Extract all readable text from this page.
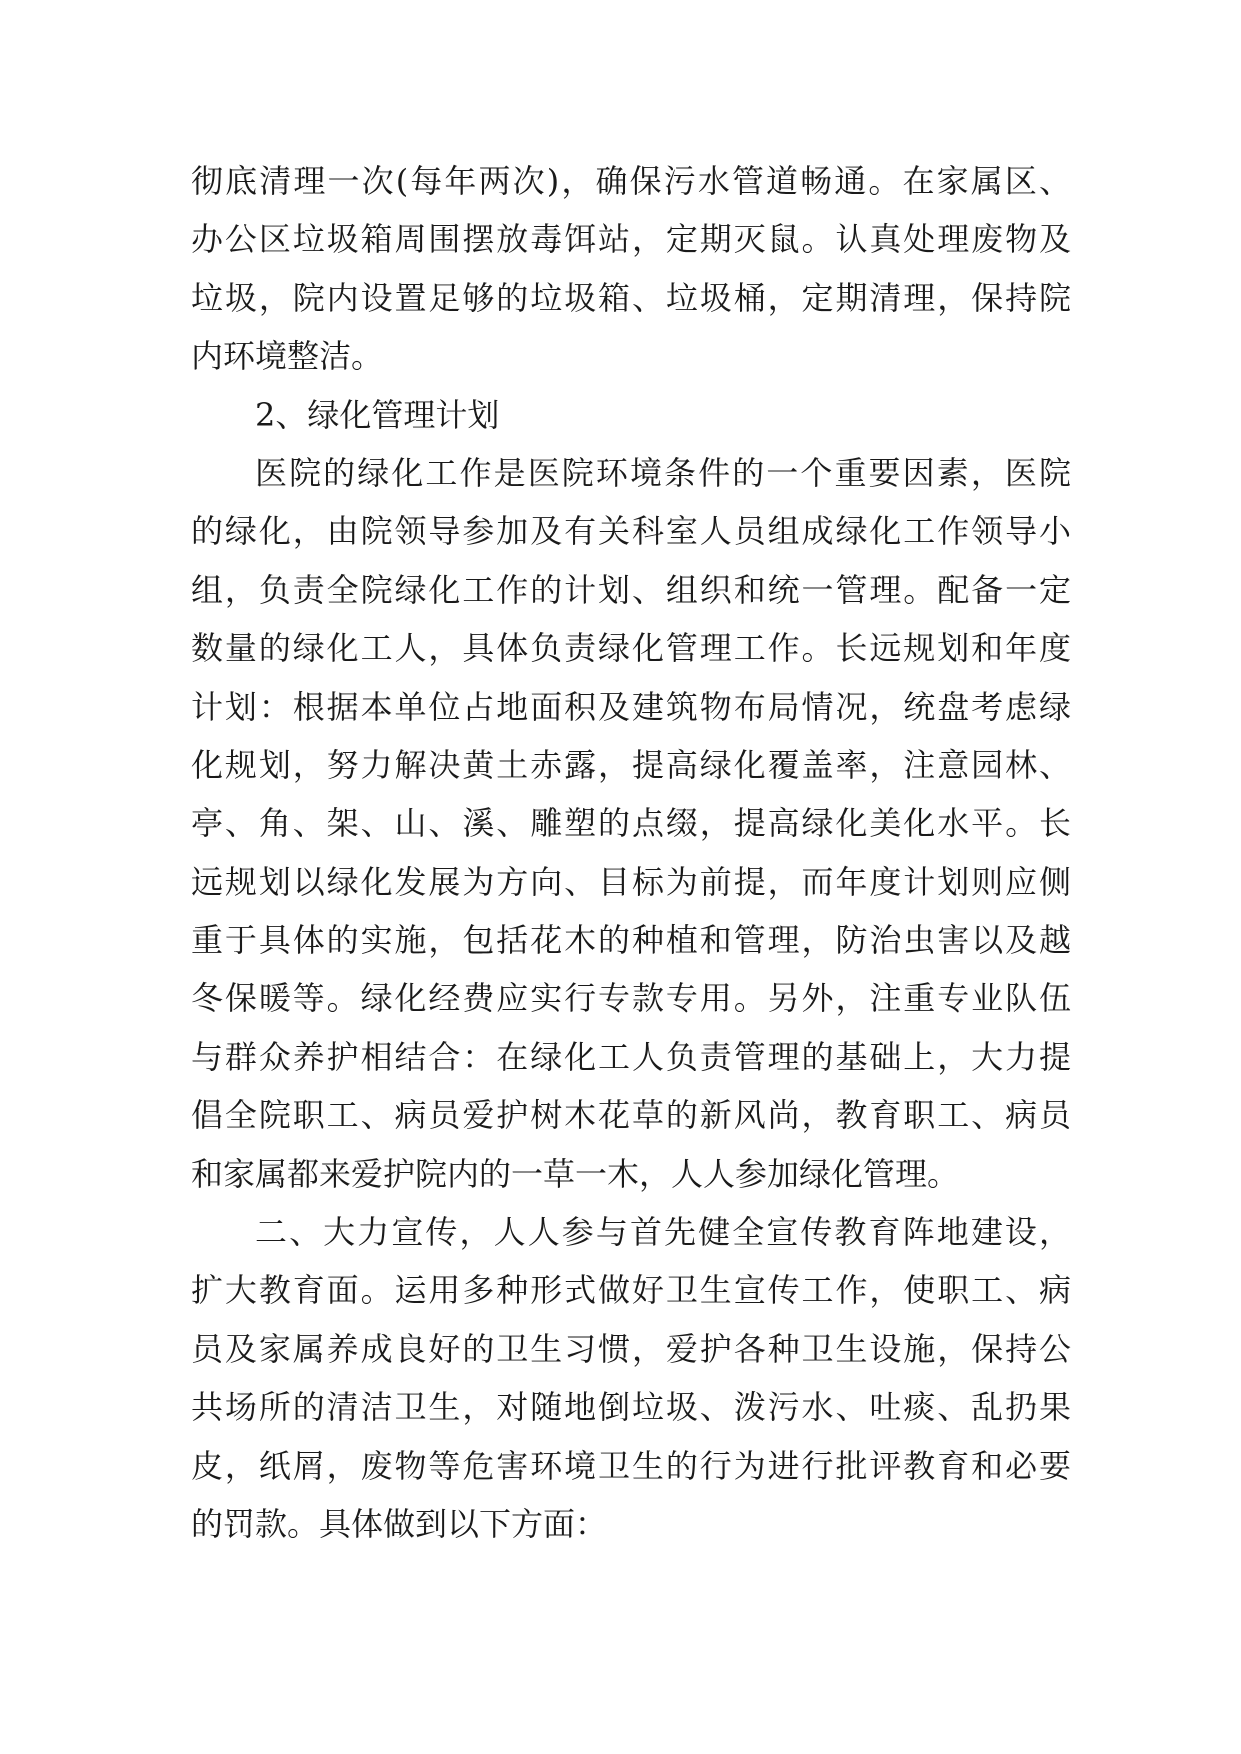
彻底清理一次(每年两次)，确保污水管道畅通。在家属区、
办公区垃圾箱周围摆放毒饵站，定期灭鼠。认真处理废物及
垃圾，院内设置足够的垃圾箱、垃圾桶，定期清理，保持院
内环境整洁。
2、绿化管理计划
医院的绿化工作是医院环境条件的一个重要因素，医院
的绿化，由院领导参加及有关科室人员组成绿化工作领导小
组，负责全院绿化工作的计划、组织和统一管理。配备一定
数量的绿化工人，具体负责绿化管理工作。长远规划和年度
计划：根据本单位占地面积及建筑物布局情况，统盘考虑绿
化规划，努力解决黄土赤露，提高绿化覆盖率，注意园林、
亭、角、架、山、溪、雕塑的点缀，提高绿化美化水平。长
远规划以绿化发展为方向、目标为前提，而年度计划则应侧
重于具体的实施，包括花木的种植和管理，防治虫害以及越
冬保暖等。绿化经费应实行专款专用。另外，注重专业队伍
与群众养护相结合：在绿化工人负责管理的基础上，大力提
倡全院职工、病员爱护树木花草的新风尚，教育职工、病员
和家属都来爱护院内的一草一木，人人参加绿化管理。
二、大力宣传，人人参与首先健全宣传教育阵地建设，
扩大教育面。运用多种形式做好卫生宣传工作，使职工、病
员及家属养成良好的卫生习惯，爱护各种卫生设施，保持公
共场所的清洁卫生，对随地倒垃圾、泼污水、吐痰、乱扔果
皮，纸屑，废物等危害环境卫生的行为进行批评教育和必要
的罚款。具体做到以下方面：
